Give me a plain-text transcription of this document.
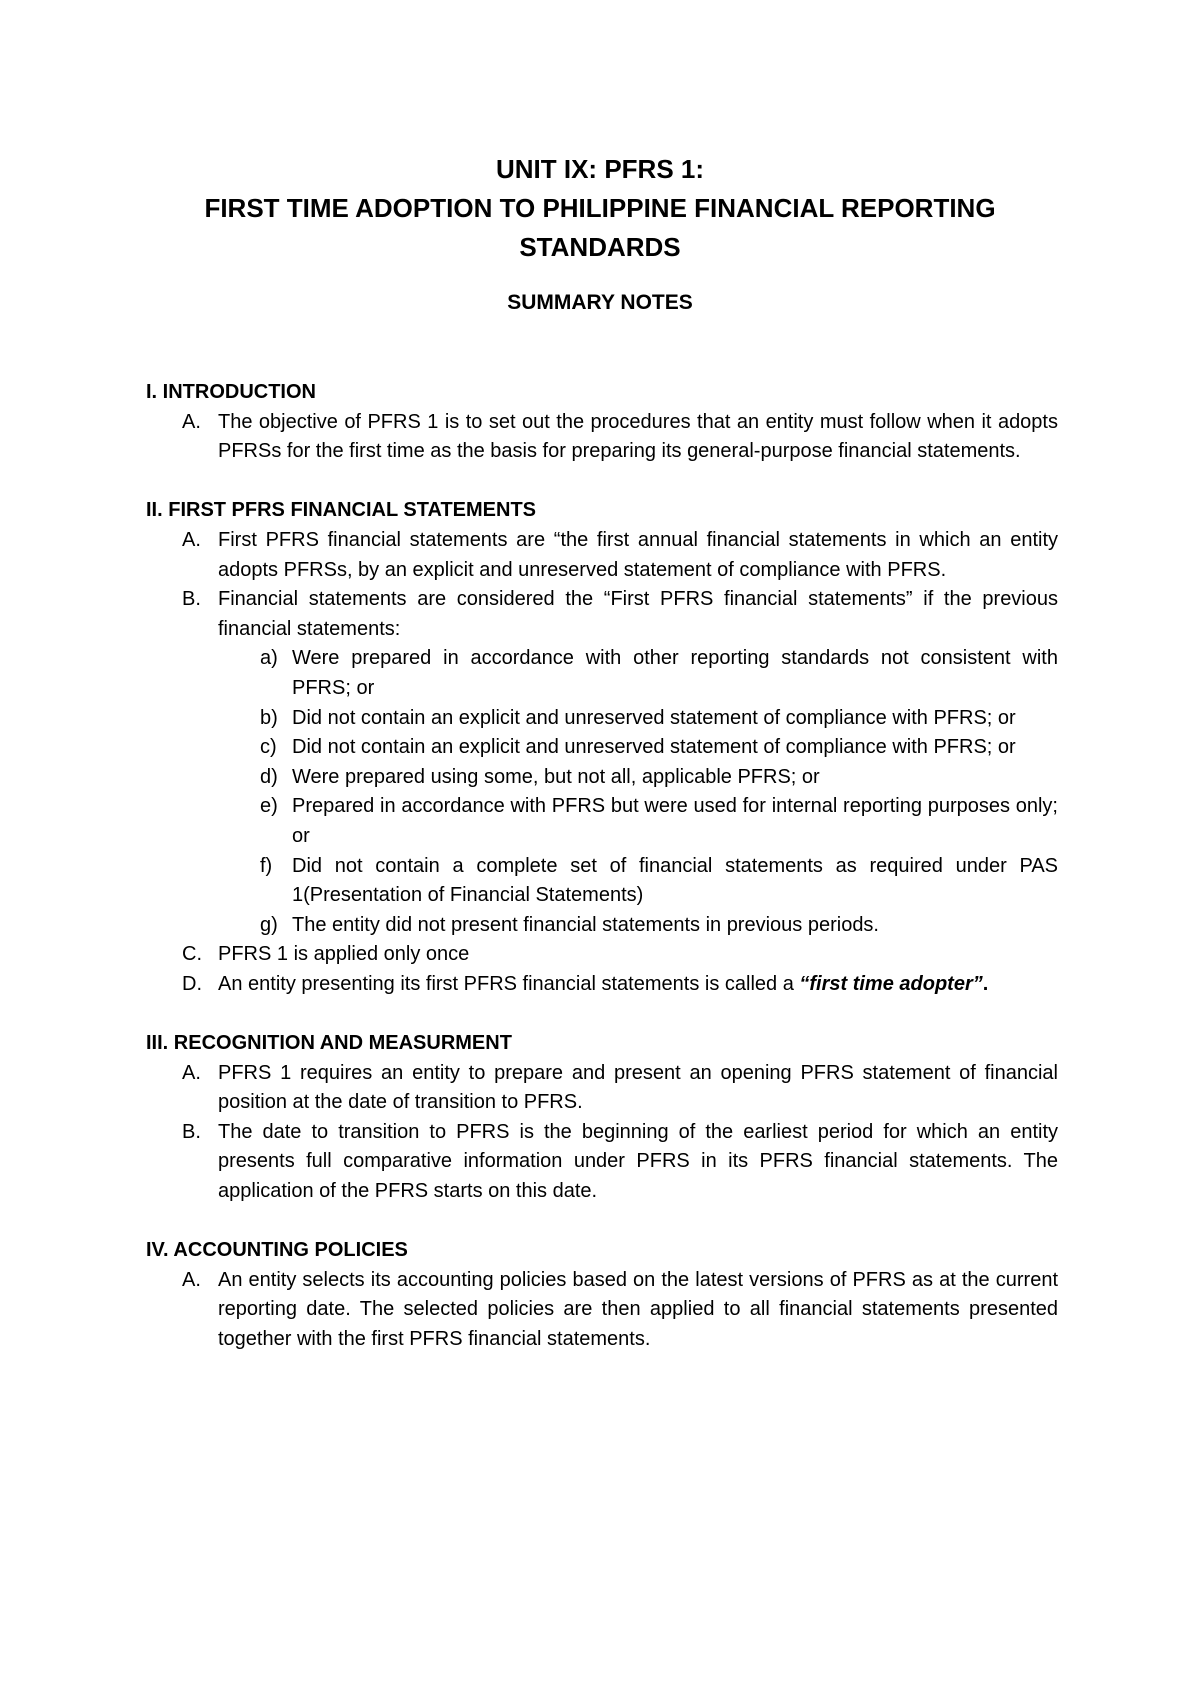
UNIT IX: PFRS 1:
FIRST TIME ADOPTION TO PHILIPPINE FINANCIAL REPORTING
STANDARDS
SUMMARY NOTES
I. INTRODUCTION
A. The objective of PFRS 1 is to set out the procedures that an entity must follow when it adopts PFRSs for the first time as the basis for preparing its general-purpose financial statements.
II. FIRST PFRS FINANCIAL STATEMENTS
A. First PFRS financial statements are “the first annual financial statements in which an entity adopts PFRSs, by an explicit and unreserved statement of compliance with PFRS.
B. Financial statements are considered the “First PFRS financial statements” if the previous financial statements:
a) Were prepared in accordance with other reporting standards not consistent with PFRS; or
b) Did not contain an explicit and unreserved statement of compliance with PFRS; or
c) Did not contain an explicit and unreserved statement of compliance with PFRS; or
d) Were prepared using some, but not all, applicable PFRS; or
e) Prepared in accordance with PFRS but were used for internal reporting purposes only; or
f) Did not contain a complete set of financial statements as required under PAS 1(Presentation of Financial Statements)
g) The entity did not present financial statements in previous periods.
C. PFRS 1 is applied only once
D. An entity presenting its first PFRS financial statements is called a “first time adopter”.
III. RECOGNITION AND MEASURMENT
A. PFRS 1 requires an entity to prepare and present an opening PFRS statement of financial position at the date of transition to PFRS.
B. The date to transition to PFRS is the beginning of the earliest period for which an entity presents full comparative information under PFRS in its PFRS financial statements. The application of the PFRS starts on this date.
IV. ACCOUNTING POLICIES
A. An entity selects its accounting policies based on the latest versions of PFRS as at the current reporting date. The selected policies are then applied to all financial statements presented together with the first PFRS financial statements.
